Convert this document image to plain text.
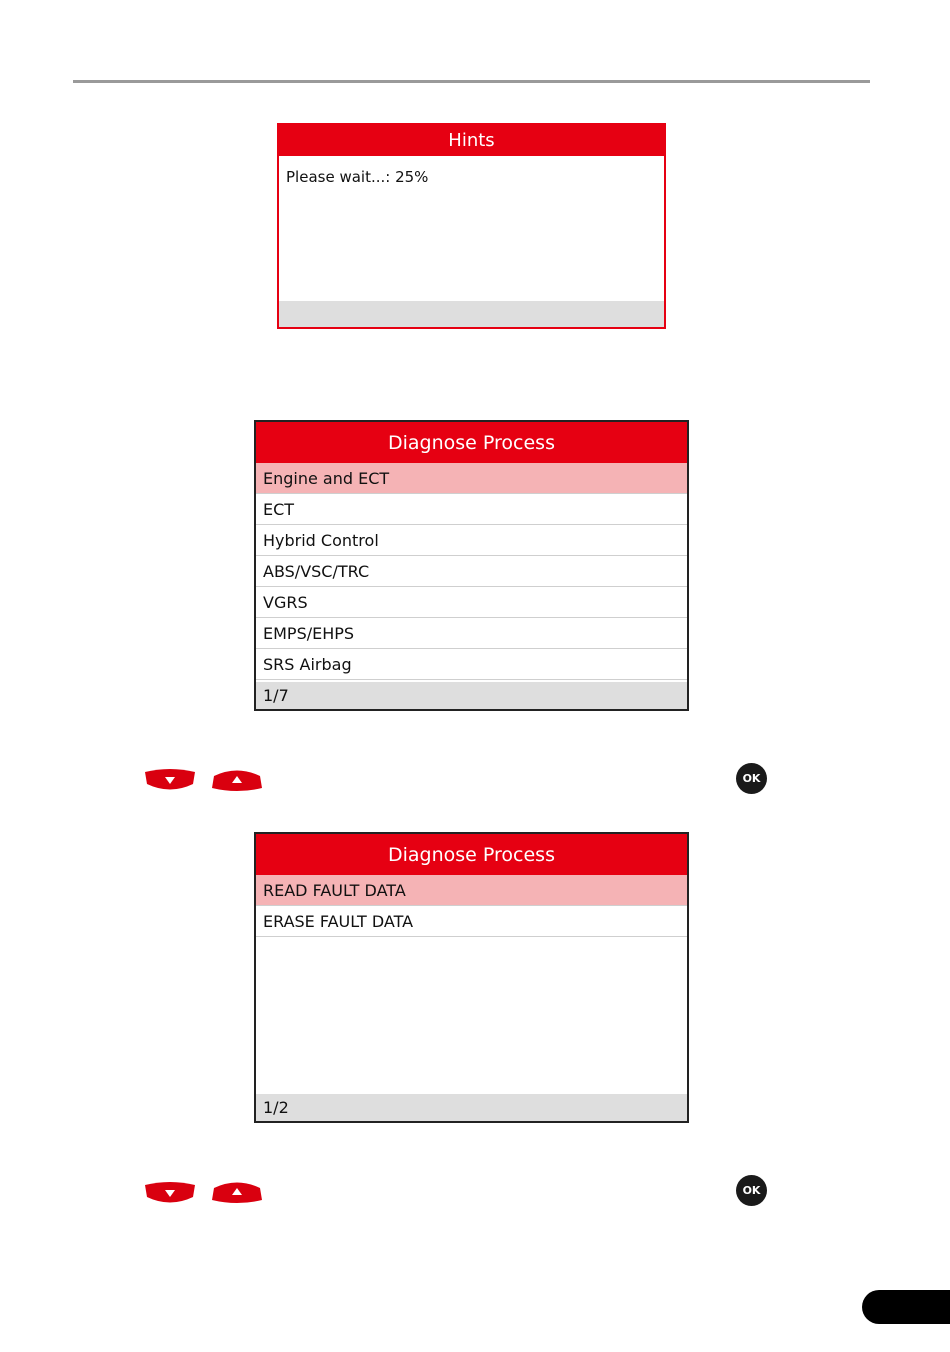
Hints
Please wait...: 25%
Diagnose Process
Engine and ECT
ECT
Hybrid Control
ABS/VSC/TRC
VGRS
EMPS/EHPS
SRS Airbag
1/7
OK
Diagnose Process
READ FAULT DATA
ERASE FAULT DATA
1/2
OK
